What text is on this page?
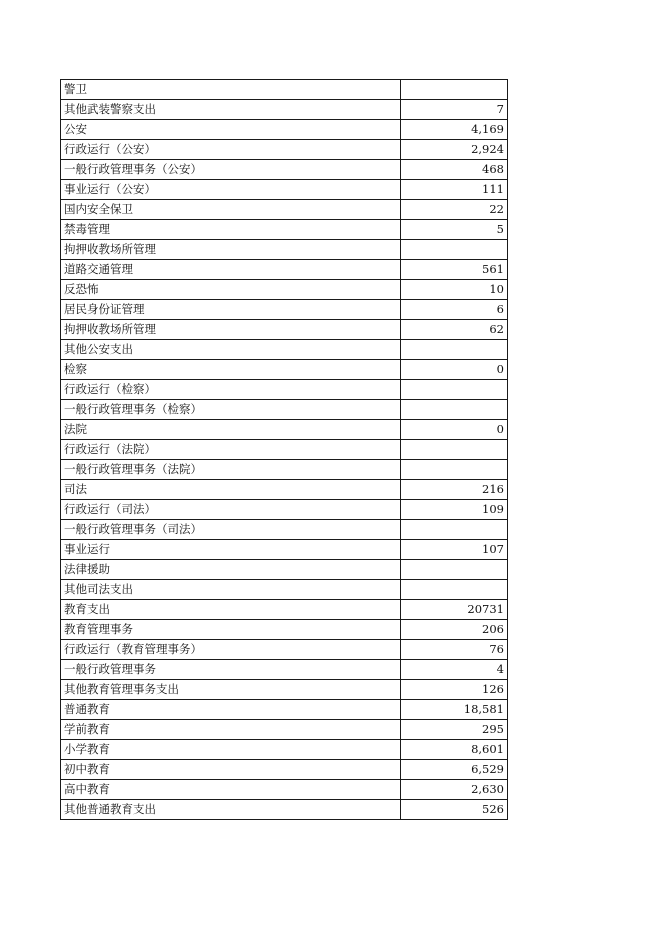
警卫	
其他武装警察支出	7
公安	4,169
行政运行（公安）	2,924
一般行政管理事务（公安）	468
事业运行（公安）	111
国内安全保卫	22
禁毒管理	5
拘押收教场所管理	
道路交通管理	561
反恐怖	10
居民身份证管理	6
拘押收教场所管理	62
其他公安支出	
检察	0
行政运行（检察）	
一般行政管理事务（检察）	
法院	0
行政运行（法院）	
一般行政管理事务（法院）	
司法	216
行政运行（司法）	109
一般行政管理事务（司法）	
事业运行	107
法律援助	
其他司法支出	
教育支出	20731
教育管理事务	206
行政运行（教育管理事务）	76
一般行政管理事务	4
其他教育管理事务支出	126
普通教育	18,581
学前教育	295
小学教育	8,601
初中教育	6,529
高中教育	2,630
其他普通教育支出	526
